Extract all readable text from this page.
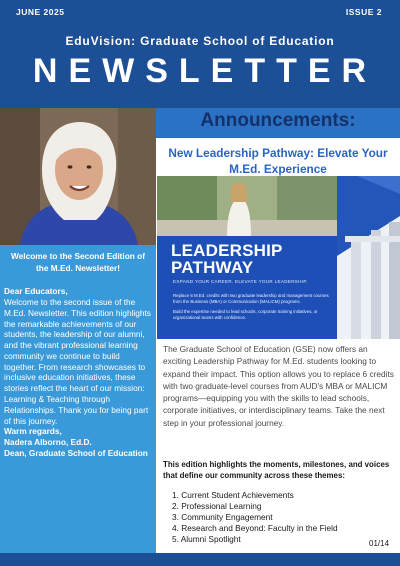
JUNE 2025	ISSUE 2
EduVision: Graduate School of Education
NEWSLETTER
Welcome to the Second Edition of the M.Ed. Newsletter!
Dear Educators,
Welcome to the second issue of the M.Ed. Newsletter. This edition highlights the remarkable achievements of our students, the leadership of our alumni, and the vibrant professional learning community we continue to build together. From research showcases to inclusive education initiatives, these stories reflect the heart of our mission: Learning & Teaching through Relationships. Thank you for being part of this journey.
Warm regards,
Nadera Alborno, Ed.D.
Dean, Graduate School of Education
Announcements:
New Leadership Pathway: Elevate Your M.Ed. Experience
LEADERSHIP
PATHWAY
EXPAND YOUR CAREER. ELEVATE YOUR LEADERSHIP.
Replace 6 M.Ed. credits with two graduate leadership and management courses from the Business (MBA) or Communication (MALICM) programs.
Build the expertise needed to lead schools, corporate training initiatives, or organizational teams with confidence.
The Graduate School of Education (GSE) now offers an exciting Leadership Pathway for M.Ed. students looking to expand their impact. This option allows you to replace 6 credits with two graduate-level courses from AUD's MBA or MALICM programs—equipping you with the skills to lead schools, corporate initiatives, or interdisciplinary teams. Take the next step in your professional journey.
This edition highlights the moments, milestones, and voices that define our community across these themes:
1. Current Student Achievements
2. Professional Learning
3. Community Engagement
4. Research and Beyond: Faculty in the Field
5. Alumni Spotlight	01/14
